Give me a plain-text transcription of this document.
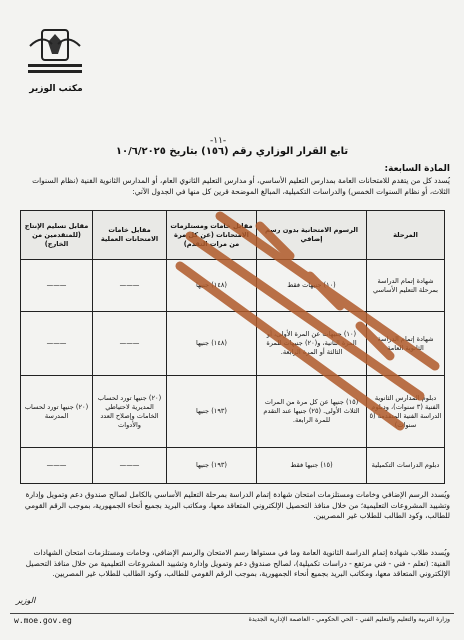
مكتب الوزير
-١١-
تابع القرار الوزاري رقم (١٥٦) بتاريخ ١٠/٦/٢٠٢٥
المادة السابعة:
يُسدد كل من يتقدم للامتحانات العامة بمدارس التعليم الأساسي، أو مدارس التعليم الثانوي العام، أو المدارس الثانوية الفنية (نظام السنوات الثلاث، أو نظام السنوات الخمس) والدراسات التكميلية، المبالغ الموضحة قرين كل منها في الجدول الآتي:
المرحلة	الرسوم الامتحانية بدون رسم إضافي	مقابل خامات ومستلزمات الامتحانات (عن كل مرة من مرات التقدم)	مقابل خامات الامتحانات العملية	مقابل تسليم الإنتاج (للمتقدمين من الخارج)
شهادة إتمام الدراسة بمرحلة التعليم الأساسي	(١٠) جنيهات فقط	(١٤٨) جنيها	———	———

شهادة إتمام الدراسة الثانوية العامة	(١٠) جنيهات عن المرة الأولى، أو المرة الثانية، و(٢٠) جنيهات للمرة الثالثة أو المرة الرابعة.	(١٤٨) جنيها	———	———

دبلوم المدارس الثانوية الفنية (٣ سنوات)، ودبلوم الدراسة الفنية المتقدمة (٥ سنوات)	(١٥) جنيها عن كل مرة من المرات الثلاث الأولى. (٢٥) جنيها عند التقدم للمرة الرابعة.	(١٩٣) جنيها	(٢٠) جنيها تورد لحساب المديرية لاحتياطي الخامات وإصلاح العدد والأدوات	(٢٠) جنيها تورد لحساب المدرسة
دبلوم الدراسات التكميلية	(١٥) جنيها فقط	(١٩٣) جنيها	———	———
ويُسدد الرسم الإضافي وخامات ومستلزمات امتحان شهادة إتمام الدراسة بمرحلة التعليم الأساسي بالكامل لصالح صندوق دعم وتمويل وإدارة وتشييد المشروعات التعليمية؛ من خلال منافذ التحصيل الإلكتروني المتعاقد معها، ومكاتب البريد بجميع أنحاء الجمهورية، بموجب الرقم القومي للطالب، وكود الطالب للطلاب غير المصريين.
ويُسدد طلاب شهادة إتمام الدراسة الثانوية العامة وما في مستواها رسم الامتحان والرسم الإضافي، وخامات ومستلزمات امتحان الشهادات الفنية: (تعلم - فني - فني مرتفع - دراسات تكميلية)، لصالح صندوق دعم وتمويل وإدارة وتشييد المشروعات التعليمية من خلال منافذ التحصيل الإلكتروني المتعاقد معها، ومكاتب البريد بجميع أنحاء الجمهورية، بموجب الرقم القومي للطالب، وكود الطالب للطلاب غير المصريين.
الوزير
w.moe.gov.eg	وزارة التربية والتعليم والتعليم الفني - الحي الحكومي - العاصمة الإدارية الجديدة
